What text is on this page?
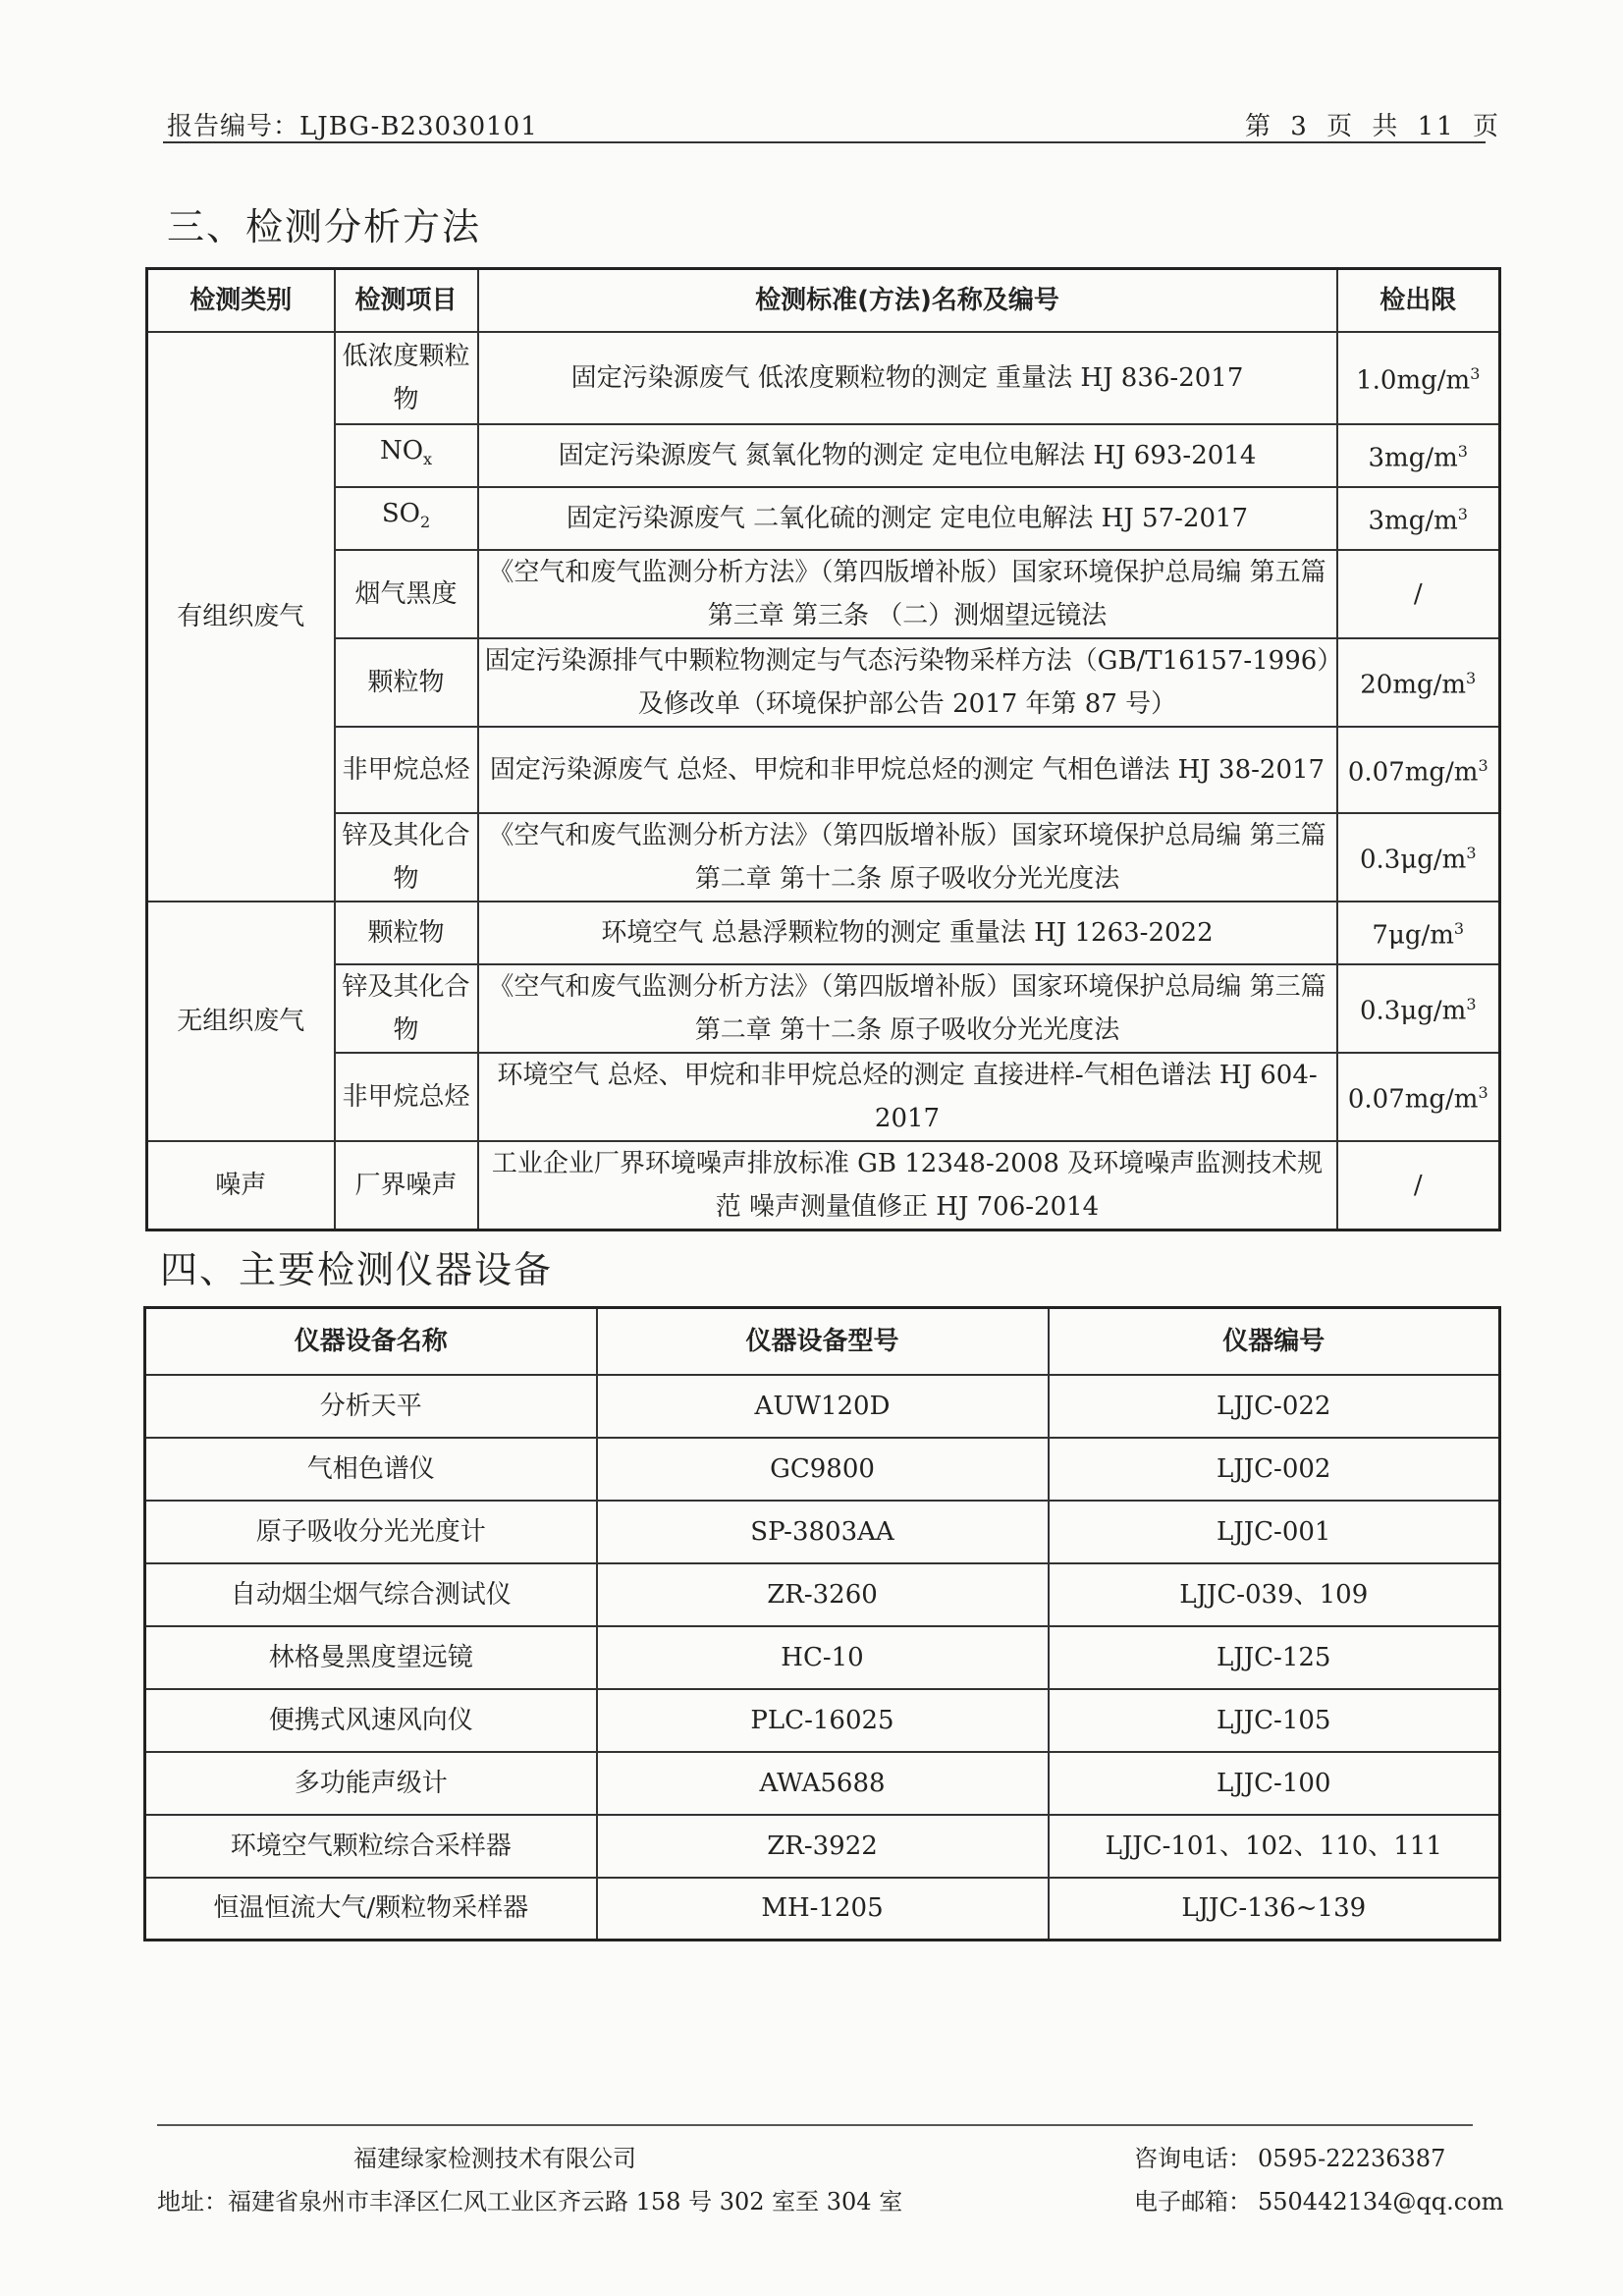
报告编号：LJBG-B23030101	第 3 页 共 11 页
三、检测分析方法
检测类别	检测项目	检测标准(方法)名称及编号	检出限
有组织废气	低浓度颗粒物	固定污染源废气 低浓度颗粒物的测定 重量法 HJ 836-2017	$1.0mg/m^3$
	$NO_x$	固定污染源废气 氮氧化物的测定 定电位电解法 HJ 693-2014	$3mg/m^3$
	$SO_2$	固定污染源废气 二氧化硫的测定 定电位电解法 HJ 57-2017	$3mg/m^3$
	烟气黑度	《空气和废气监测分析方法》（第四版增补版）国家环境保护总局编 第五篇 第三章 第三条 （二）测烟望远镜法	/
	颗粒物	固定污染源排气中颗粒物测定与气态污染物采样方法（GB/T16157-1996）及修改单（环境保护部公告 2017 年第 87 号）	$20mg/m^3$
	非甲烷总烃	固定污染源废气 总烃、甲烷和非甲烷总烃的测定 气相色谱法 HJ 38-2017	$0.07mg/m^3$
	锌及其化合物	《空气和废气监测分析方法》（第四版增补版）国家环境保护总局编 第三篇 第二章 第十二条 原子吸收分光光度法	$0.3\mu g/m^3$
无组织废气	颗粒物	环境空气 总悬浮颗粒物的测定 重量法 HJ 1263-2022	$7\mu g/m^3$
	锌及其化合物	《空气和废气监测分析方法》（第四版增补版）国家环境保护总局编 第三篇 第二章 第十二条 原子吸收分光光度法	$0.3\mu g/m^3$
	非甲烷总烃	环境空气 总烃、甲烷和非甲烷总烃的测定 直接进样-气相色谱法 HJ 604-2017	$0.07mg/m^3$
噪声	厂界噪声	工业企业厂界环境噪声排放标准 GB 12348-2008 及环境噪声监测技术规范 噪声测量值修正 HJ 706-2014	/
四、主要检测仪器设备
仪器设备名称	仪器设备型号	仪器编号
分析天平	AUW120D	LJJC-022
气相色谱仪	GC9800	LJJC-002
原子吸收分光光度计	SP-3803AA	LJJC-001
自动烟尘烟气综合测试仪	ZR-3260	LJJC-039、109
林格曼黑度望远镜	HC-10	LJJC-125
便携式风速风向仪	PLC-16025	LJJC-105
多功能声级计	AWA5688	LJJC-100
环境空气颗粒综合采样器	ZR-3922	LJJC-101、102、110、111
恒温恒流大气/颗粒物采样器	MH-1205	LJJC-136~139
福建绿家检测技术有限公司
地址：福建省泉州市丰泽区仁风工业区齐云路 158 号 302 室至 304 室
咨询电话： 0595-22236387
电子邮箱： 550442134@qq.com
